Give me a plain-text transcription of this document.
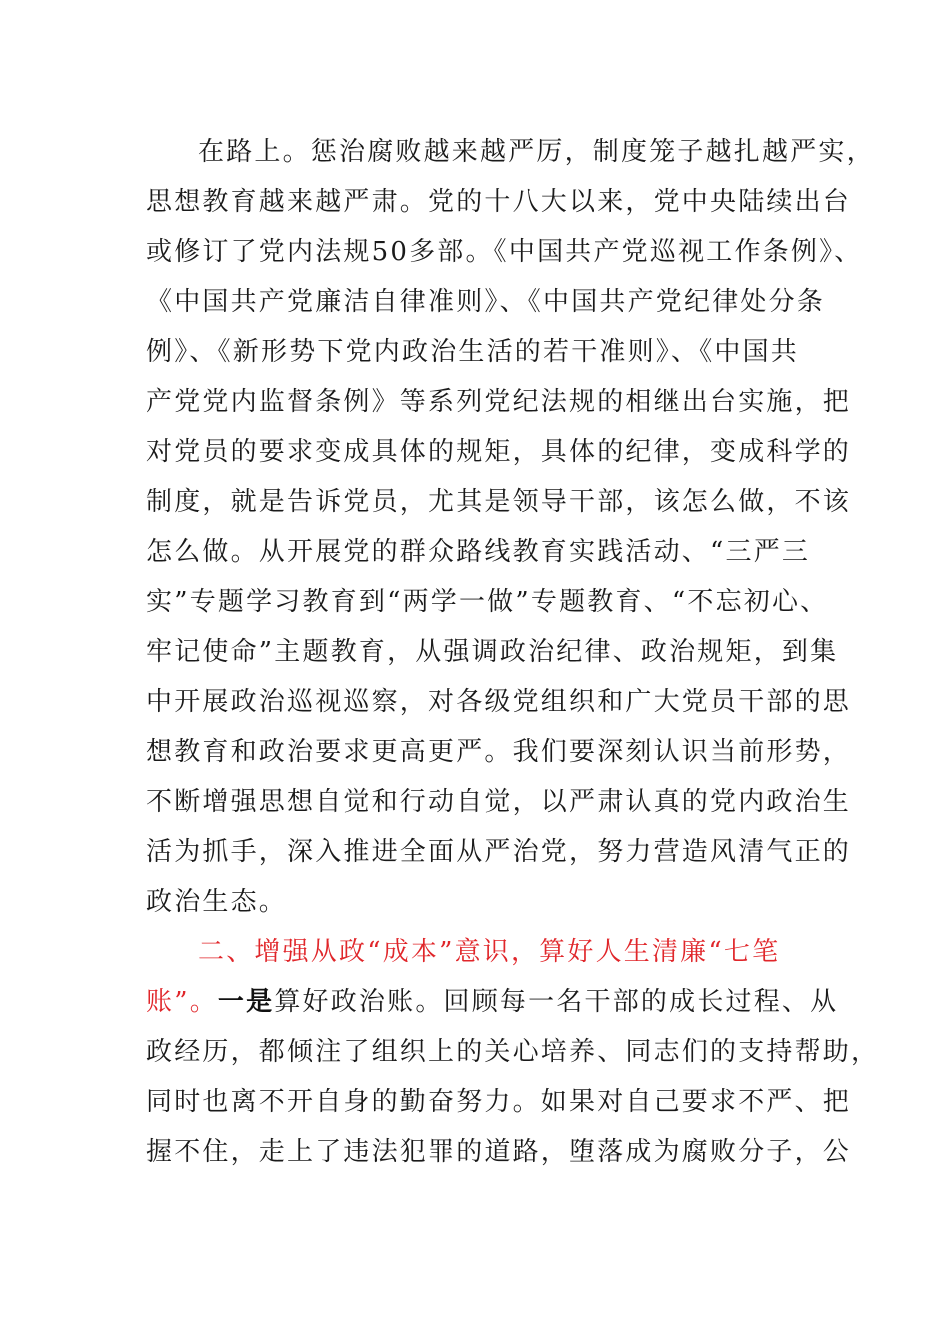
在路上。惩治腐败越来越严厉，制度笼子越扎越严实，
思想教育越来越严肃。党的十八大以来，党中央陆续出台
或修订了党内法规50多部。《中国共产党巡视工作条例》、
《中国共产党廉洁自律准则》、《中国共产党纪律处分条
例》、《新形势下党内政治生活的若干准则》、《中国共
产党党内监督条例》等系列党纪法规的相继出台实施，把
对党员的要求变成具体的规矩，具体的纪律，变成科学的
制度，就是告诉党员，尤其是领导干部，该怎么做，不该
怎么做。从开展党的群众路线教育实践活动、“三严三
实”专题学习教育到“两学一做”专题教育、“不忘初心、
牢记使命”主题教育，从强调政治纪律、政治规矩，到集
中开展政治巡视巡察，对各级党组织和广大党员干部的思
想教育和政治要求更高更严。我们要深刻认识当前形势，
不断增强思想自觉和行动自觉，以严肃认真的党内政治生
活为抓手，深入推进全面从严治党，努力营造风清气正的
政治生态。
二、增强从政“成本”意识，算好人生清廉“七笔
账”。一是算好政治账。回顾每一名干部的成长过程、从
政经历，都倾注了组织上的关心培养、同志们的支持帮助，
同时也离不开自身的勤奋努力。如果对自己要求不严、把
握不住，走上了违法犯罪的道路，堕落成为腐败分子，公
